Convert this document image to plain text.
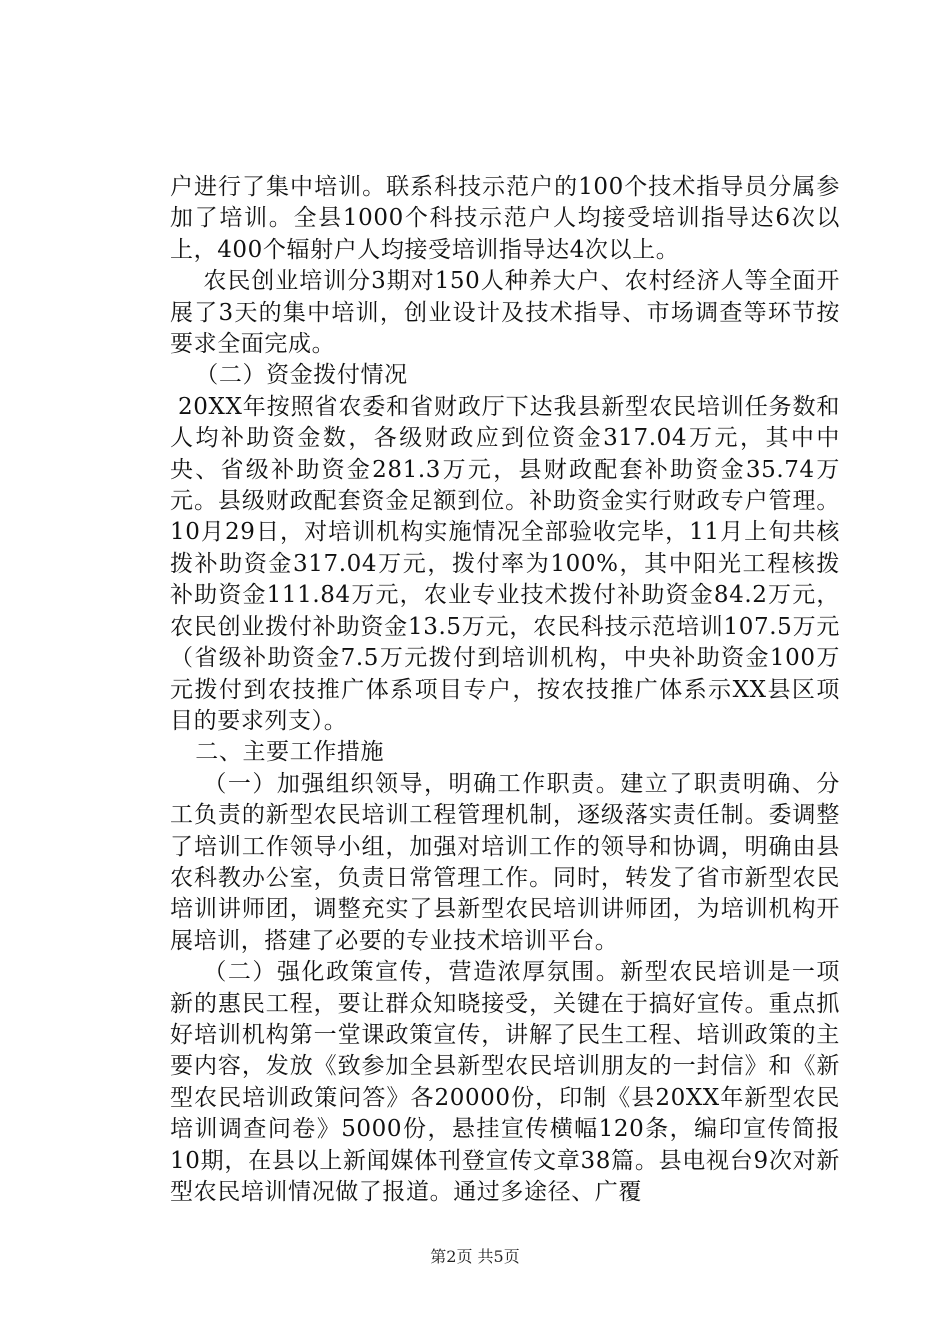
户进行了集中培训。联系科技示范户的100个技术指导员分属参加了培训。全县1000个科技示范户人均接受培训指导达6次以上，400个辐射户人均接受培训指导达4次以上。

农民创业培训分3期对150人种养大户、农村经济人等全面开展了3天的集中培训，创业设计及技术指导、市场调查等环节按要求全面完成。

（二）资金拨付情况

20XX年按照省农委和省财政厅下达我县新型农民培训任务数和人均补助资金数，各级财政应到位资金317.04万元，其中中央、省级补助资金281.3万元，县财政配套补助资金35.74万元。县级财政配套资金足额到位。补助资金实行财政专户管理。10月29日，对培训机构实施情况全部验收完毕，11月上旬共核拨补助资金317.04万元，拨付率为100%，其中阳光工程核拨补助资金111.84万元，农业专业技术拨付补助资金84.2万元，农民创业拨付补助资金13.5万元，农民科技示范培训107.5万元（省级补助资金7.5万元拨付到培训机构，中央补助资金100万元拨付到农技推广体系项目专户，按农技推广体系示XX县区项目的要求列支）。

二、主要工作措施

（一）加强组织领导，明确工作职责。建立了职责明确、分工负责的新型农民培训工程管理机制，逐级落实责任制。委调整了培训工作领导小组，加强对培训工作的领导和协调，明确由县农科教办公室，负责日常管理工作。同时，转发了省市新型农民培训讲师团，调整充实了县新型农民培训讲师团，为培训机构开展培训，搭建了必要的专业技术培训平台。

（二）强化政策宣传，营造浓厚氛围。新型农民培训是一项新的惠民工程，要让群众知晓接受，关键在于搞好宣传。重点抓好培训机构第一堂课政策宣传，讲解了民生工程、培训政策的主要内容，发放《致参加全县新型农民培训朋友的一封信》和《新型农民培训政策问答》各20000份，印制《县20XX年新型农民培训调查问卷》5000份，悬挂宣传横幅120条，编印宣传简报10期，在县以上新闻媒体刊登宣传文章38篇。县电视台9次对新型农民培训情况做了报道。通过多途径、广覆

第2页 共5页
